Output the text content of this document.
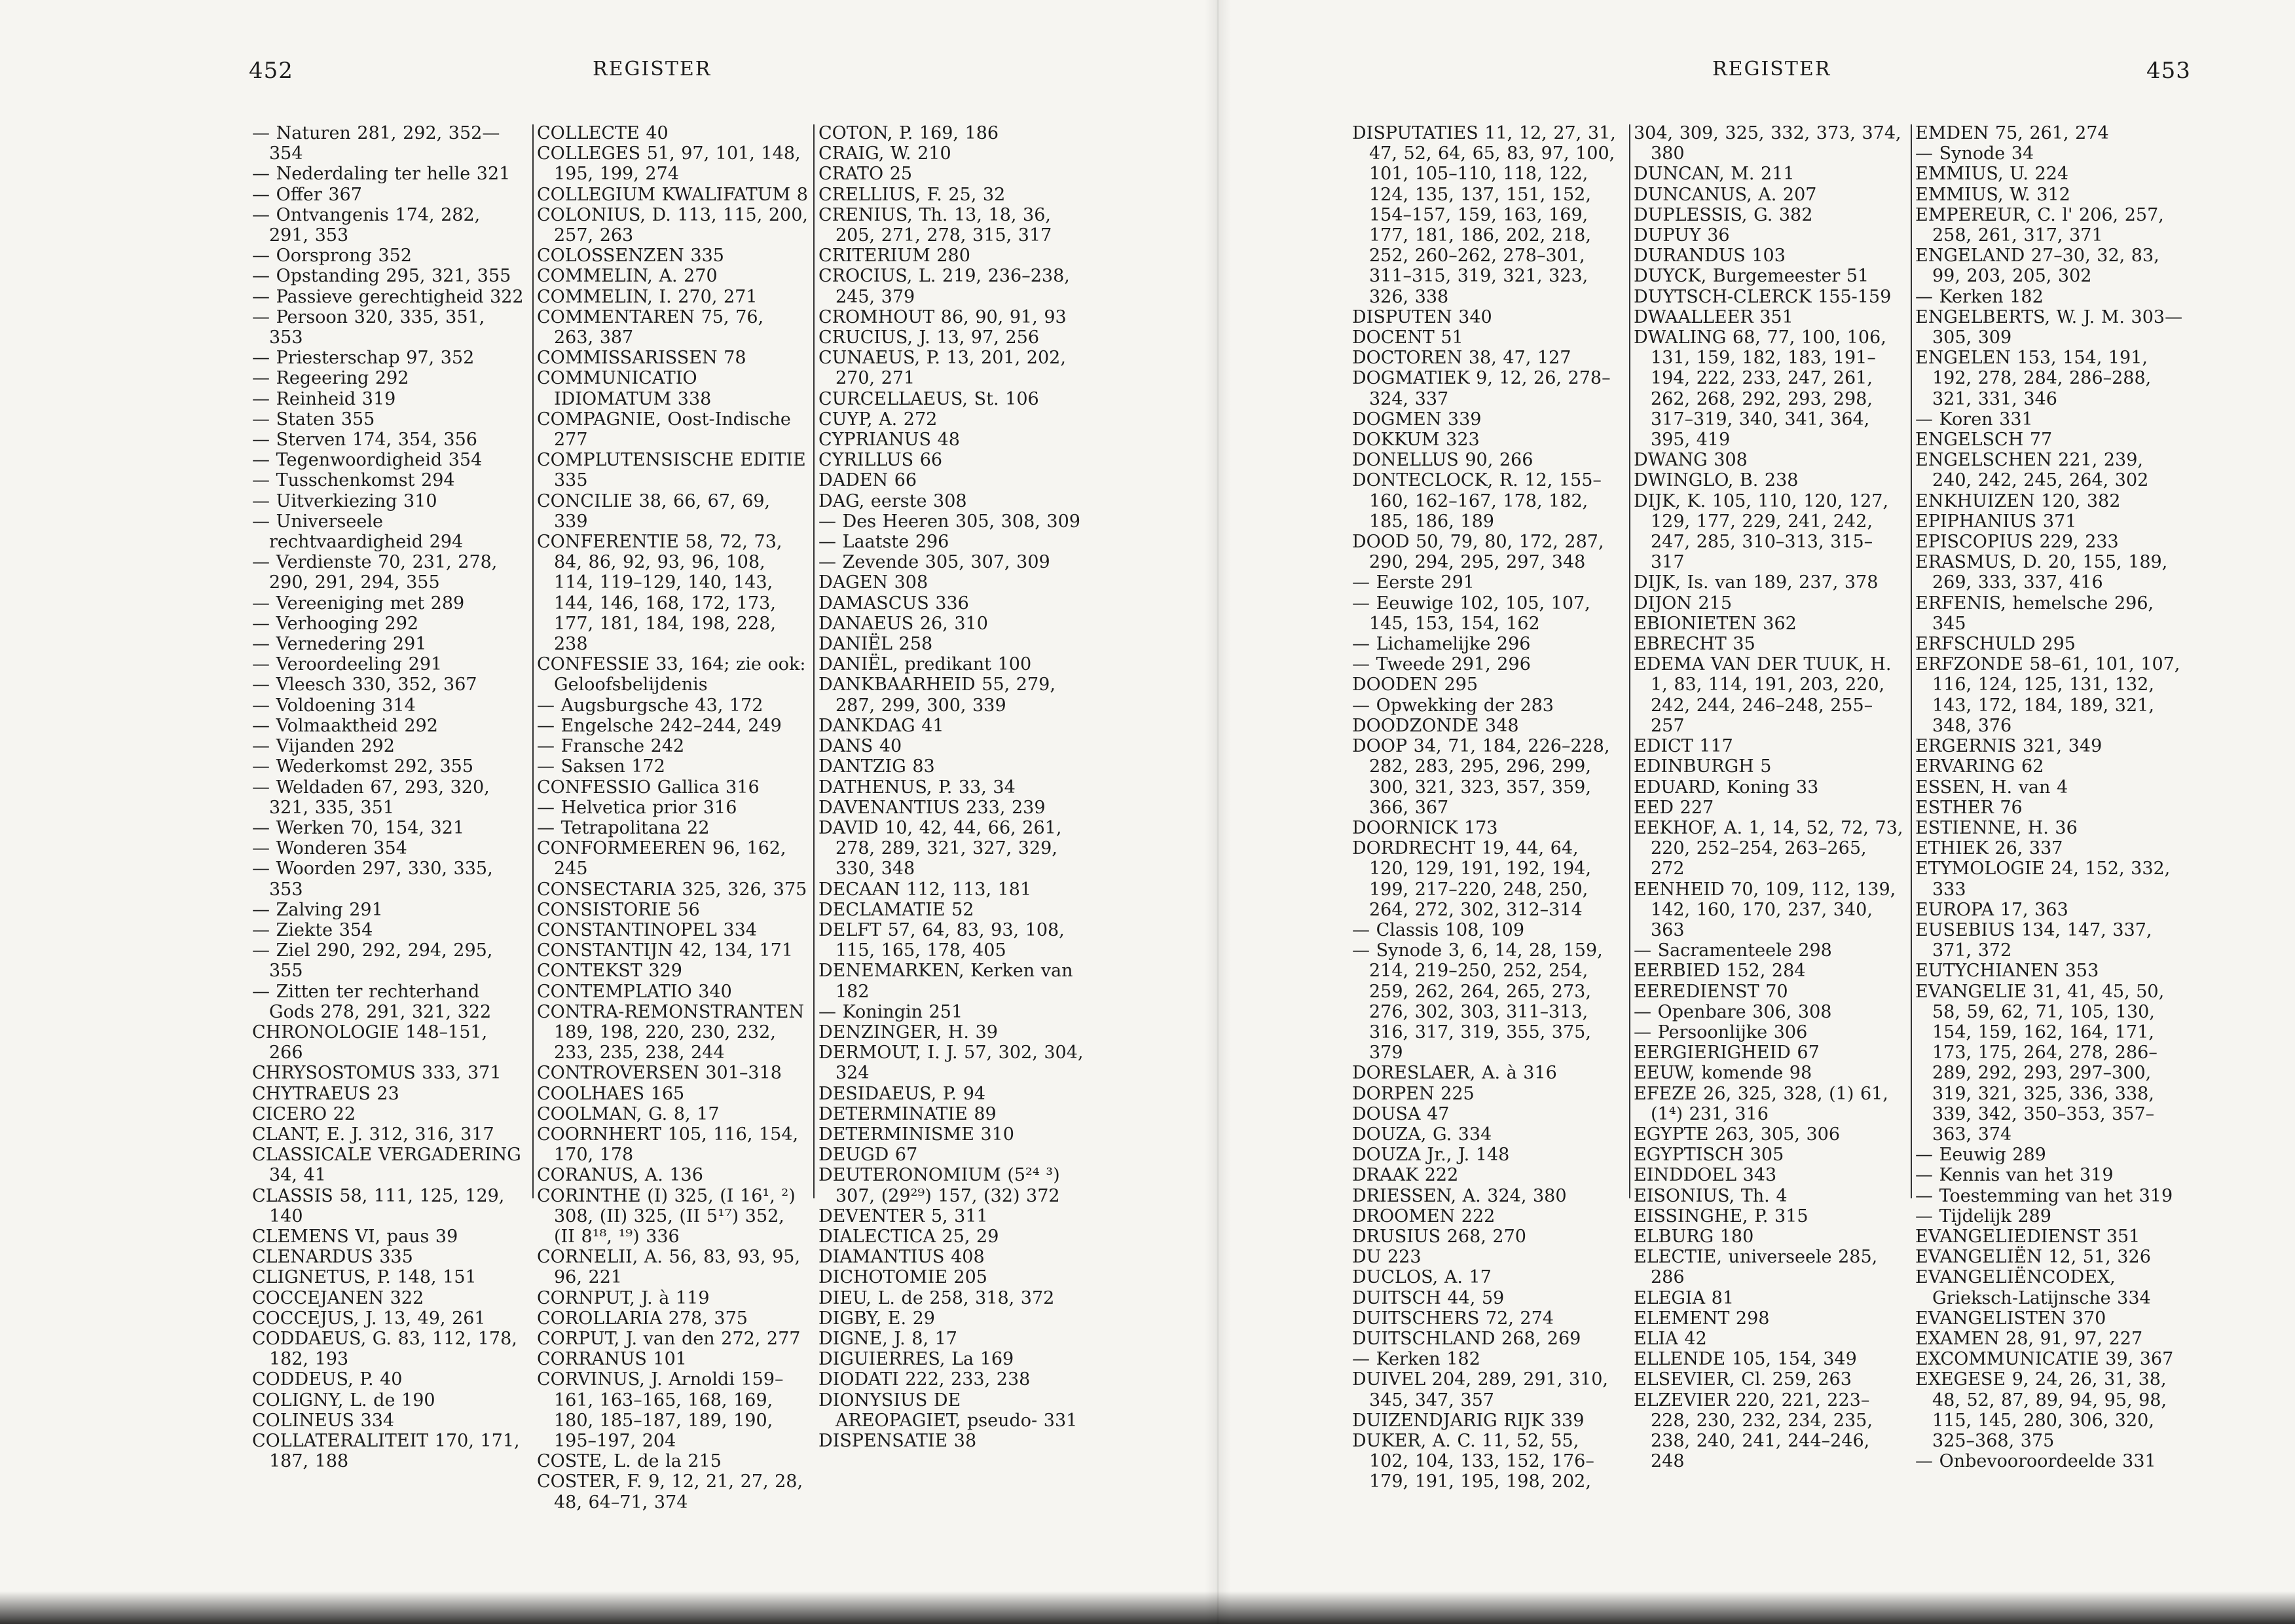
452	REGISTER
— Naturen 281, 292, 352—354
— Nederdaling ter helle 321
— Offer 367
— Ontvangenis 174, 282, 291, 353
— Oorsprong 352
— Opstanding 295, 321, 355
— Passieve gerechtigheid 322
— Persoon 320, 335, 351, 353
— Priesterschap 97, 352
— Regeering 292
— Reinheid 319
— Staten 355
— Sterven 174, 354, 356
— Tegenwoordigheid 354
— Tusschenkomst 294
— Uitverkiezing 310
— Universeele rechtvaardigheid 294
— Verdienste 70, 231, 278, 290, 291, 294, 355
— Vereeniging met 289
— Verhooging 292
— Vernedering 291
— Veroordeeling 291
— Vleesch 330, 352, 367
— Voldoening 314
— Volmaaktheid 292
— Vijanden 292
— Wederkomst 292, 355
— Weldaden 67, 293, 320, 321, 335, 351
— Werken 70, 154, 321
— Wonderen 354
— Woorden 297, 330, 335, 353
— Zalving 291
— Ziekte 354
— Ziel 290, 292, 294, 295, 355
— Zitten ter rechterhand Gods 278, 291, 321, 322
CHRONOLOGIE 148–151, 266
CHRYSOSTOMUS 333, 371
CHYTRAEUS 23
CICERO 22
CLANT, E. J. 312, 316, 317
CLASSICALE VERGADERING 34, 41
CLASSIS 58, 111, 125, 129, 140
CLEMENS VI, paus 39
CLENARDUS 335
CLIGNETUS, P. 148, 151
COCCEJANEN 322
COCCEJUS, J. 13, 49, 261
CODDAEUS, G. 83, 112, 178, 182, 193
CODDEUS, P. 40
COLIGNY, L. de 190
COLINEUS 334
COLLATERALITEIT 170, 171, 187, 188
COLLECTE 40
COLLEGES 51, 97, 101, 148, 195, 199, 274
COLLEGIUM KWALIFATUM 8
COLONIUS, D. 113, 115, 200, 257, 263
COLOSSENZEN 335
COMMELIN, A. 270
COMMELIN, I. 270, 271
COMMENTAREN 75, 76, 263, 387
COMMISSARISSEN 78
COMMUNICATIO IDIOMATUM 338
COMPAGNIE, Oost-Indische 277
COMPLUTENSISCHE EDITIE 335
CONCILIE 38, 66, 67, 69, 339
CONFERENTIE 58, 72, 73, 84, 86, 92, 93, 96, 108, 114, 119–129, 140, 143, 144, 146, 168, 172, 173, 177, 181, 184, 198, 228, 238
CONFESSIE 33, 164; zie ook: Geloofsbelijdenis
— Augsburgsche 43, 172
— Engelsche 242–244, 249
— Fransche 242
— Saksen 172
CONFESSIO Gallica 316
— Helvetica prior 316
— Tetrapolitana 22
CONFORMEEREN 96, 162, 245
CONSECTARIA 325, 326, 375
CONSISTORIE 56
CONSTANTINOPEL 334
CONSTANTIJN 42, 134, 171
CONTEKST 329
CONTEMPLATIO 340
CONTRA-REMONSTRANTEN 189, 198, 220, 230, 232, 233, 235, 238, 244
CONTROVERSEN 301–318
COOLHAES 165
COOLMAN, G. 8, 17
COORNHERT 105, 116, 154, 170, 178
CORANUS, A. 136
CORINTHE (I) 325, (I 16¹, ²) 308, (II) 325, (II 5¹⁷) 352, (II 8¹⁸, ¹⁹) 336
CORNELII, A. 56, 83, 93, 95, 96, 221
CORNPUT, J. à 119
COROLLARIA 278, 375
CORPUT, J. van den 272, 277
CORRANUS 101
CORVINUS, J. Arnoldi 159–161, 163–165, 168, 169, 180, 185–187, 189, 190, 195–197, 204
COSTE, L. de la 215
COSTER, F. 9, 12, 21, 27, 28, 48, 64–71, 374
COTON, P. 169, 186
CRAIG, W. 210
CRATO 25
CRELLIUS, F. 25, 32
CRENIUS, Th. 13, 18, 36, 205, 271, 278, 315, 317
CRITERIUM 280
CROCIUS, L. 219, 236–238, 245, 379
CROMHOUT 86, 90, 91, 93
CRUCIUS, J. 13, 97, 256
CUNAEUS, P. 13, 201, 202, 270, 271
CURCELLAEUS, St. 106
CUYP, A. 272
CYPRIANUS 48
CYRILLUS 66
DADEN 66
DAG, eerste 308
— Des Heeren 305, 308, 309
— Laatste 296
— Zevende 305, 307, 309
DAGEN 308
DAMASCUS 336
DANAEUS 26, 310
DANIËL 258
DANIËL, predikant 100
DANKBAARHEID 55, 279, 287, 299, 300, 339
DANKDAG 41
DANS 40
DANTZIG 83
DATHENUS, P. 33, 34
DAVENANTIUS 233, 239
DAVID 10, 42, 44, 66, 261, 278, 289, 321, 327, 329, 330, 348
DECAAN 112, 113, 181
DECLAMATIE 52
DELFT 57, 64, 83, 93, 108, 115, 165, 178, 405
DENEMARKEN, Kerken van 182
— Koningin 251
DENZINGER, H. 39
DERMOUT, I. J. 57, 302, 304, 324
DESIDAEUS, P. 94
DETERMINATIE 89
DETERMINISME 310
DEUGD 67
DEUTERONOMIUM (5²⁴ ³) 307, (29²⁹) 157, (32) 372
DEVENTER 5, 311
DIALECTICA 25, 29
DIAMANTIUS 408
DICHOTOMIE 205
DIEU, L. de 258, 318, 372
DIGBY, E. 29
DIGNE, J. 8, 17
DIGUIERRES, La 169
DIODATI 222, 233, 238
DIONYSIUS DE AREOPAGIET, pseudo- 331
DISPENSATIE 38
REGISTER	453
DISPUTATIES 11, 12, 27, 31, 47, 52, 64, 65, 83, 97, 100, 101, 105–110, 118, 122, 124, 135, 137, 151, 152, 154–157, 159, 163, 169, 177, 181, 186, 202, 218, 252, 260–262, 278–301, 311–315, 319, 321, 323, 326, 338
DISPUTEN 340
DOCENT 51
DOCTOREN 38, 47, 127
DOGMATIEK 9, 12, 26, 278–324, 337
DOGMEN 339
DOKKUM 323
DONELLUS 90, 266
DONTECLOCK, R. 12, 155–160, 162–167, 178, 182, 185, 186, 189
DOOD 50, 79, 80, 172, 287, 290, 294, 295, 297, 348
— Eerste 291
— Eeuwige 102, 105, 107, 145, 153, 154, 162
— Lichamelijke 296
— Tweede 291, 296
DOODEN 295
— Opwekking der 283
DOODZONDE 348
DOOP 34, 71, 184, 226–228, 282, 283, 295, 296, 299, 300, 321, 323, 357, 359, 366, 367
DOORNICK 173
DORDRECHT 19, 44, 64, 120, 129, 191, 192, 194, 199, 217–220, 248, 250, 264, 272, 302, 312–314
— Classis 108, 109
— Synode 3, 6, 14, 28, 159, 214, 219–250, 252, 254, 259, 262, 264, 265, 273, 276, 302, 303, 311–313, 316, 317, 319, 355, 375, 379
DORESLAER, A. à 316
DORPEN 225
DOUSA 47
DOUZA, G. 334
DOUZA Jr., J. 148
DRAAK 222
DRIESSEN, A. 324, 380
DROOMEN 222
DRUSIUS 268, 270
DU 223
DUCLOS, A. 17
DUITSCH 44, 59
DUITSCHERS 72, 274
DUITSCHLAND 268, 269
— Kerken 182
DUIVEL 204, 289, 291, 310, 345, 347, 357
DUIZENDJARIG RIJK 339
DUKER, A. C. 11, 52, 55, 102, 104, 133, 152, 176–179, 191, 195, 198, 202,
304, 309, 325, 332, 373, 374, 380
DUNCAN, M. 211
DUNCANUS, A. 207
DUPLESSIS, G. 382
DUPUY 36
DURANDUS 103
DUYCK, Burgemeester 51
DUYTSCH-CLERCK 155-159
DWAALLEER 351
DWALING 68, 77, 100, 106, 131, 159, 182, 183, 191–194, 222, 233, 247, 261, 262, 268, 292, 293, 298, 317–319, 340, 341, 364, 395, 419
DWANG 308
DWINGLO, B. 238
DIJK, K. 105, 110, 120, 127, 129, 177, 229, 241, 242, 247, 285, 310–313, 315–317
DIJK, Is. van 189, 237, 378
DIJON 215
EBIONIETEN 362
EBRECHT 35
EDEMA VAN DER TUUK, H. 1, 83, 114, 191, 203, 220, 242, 244, 246–248, 255–257
EDICT 117
EDINBURGH 5
EDUARD, Koning 33
EED 227
EEKHOF, A. 1, 14, 52, 72, 73, 220, 252–254, 263–265, 272
EENHEID 70, 109, 112, 139, 142, 160, 170, 237, 340, 363
— Sacramenteele 298
EERBIED 152, 284
EEREDIENST 70
— Openbare 306, 308
— Persoonlijke 306
EERGIERIGHEID 67
EEUW, komende 98
EFEZE 26, 325, 328, (1) 61, (1⁴) 231, 316
EGYPTE 263, 305, 306
EGYPTISCH 305
EINDDOEL 343
EISONIUS, Th. 4
EISSINGHE, P. 315
ELBURG 180
ELECTIE, universeele 285, 286
ELEGIA 81
ELEMENT 298
ELIA 42
ELLENDE 105, 154, 349
ELSEVIER, Cl. 259, 263
ELZEVIER 220, 221, 223–228, 230, 232, 234, 235, 238, 240, 241, 244–246, 248
EMDEN 75, 261, 274
— Synode 34
EMMIUS, U. 224
EMMIUS, W. 312
EMPEREUR, C. l' 206, 257, 258, 261, 317, 371
ENGELAND 27–30, 32, 83, 99, 203, 205, 302
— Kerken 182
ENGELBERTS, W. J. M. 303—305, 309
ENGELEN 153, 154, 191, 192, 278, 284, 286–288, 321, 331, 346
— Koren 331
ENGELSCH 77
ENGELSCHEN 221, 239, 240, 242, 245, 264, 302
ENKHUIZEN 120, 382
EPIPHANIUS 371
EPISCOPIUS 229, 233
ERASMUS, D. 20, 155, 189, 269, 333, 337, 416
ERFENIS, hemelsche 296, 345
ERFSCHULD 295
ERFZONDE 58–61, 101, 107, 116, 124, 125, 131, 132, 143, 172, 184, 189, 321, 348, 376
ERGERNIS 321, 349
ERVARING 62
ESSEN, H. van 4
ESTHER 76
ESTIENNE, H. 36
ETHIEK 26, 337
ETYMOLOGIE 24, 152, 332, 333
EUROPA 17, 363
EUSEBIUS 134, 147, 337, 371, 372
EUTYCHIANEN 353
EVANGELIE 31, 41, 45, 50, 58, 59, 62, 71, 105, 130, 154, 159, 162, 164, 171, 173, 175, 264, 278, 286–289, 292, 293, 297–300, 319, 321, 325, 336, 338, 339, 342, 350–353, 357–363, 374
— Eeuwig 289
— Kennis van het 319
— Toestemming van het 319
— Tijdelijk 289
EVANGELIEDIENST 351
EVANGELIËN 12, 51, 326
EVANGELIËNCODEX, Grieksch-Latijnsche 334
EVANGELISTEN 370
EXAMEN 28, 91, 97, 227
EXCOMMUNICATIE 39, 367
EXEGESE 9, 24, 26, 31, 38, 48, 52, 87, 89, 94, 95, 98, 115, 145, 280, 306, 320, 325–368, 375
— Onbevooroordeelde 331
